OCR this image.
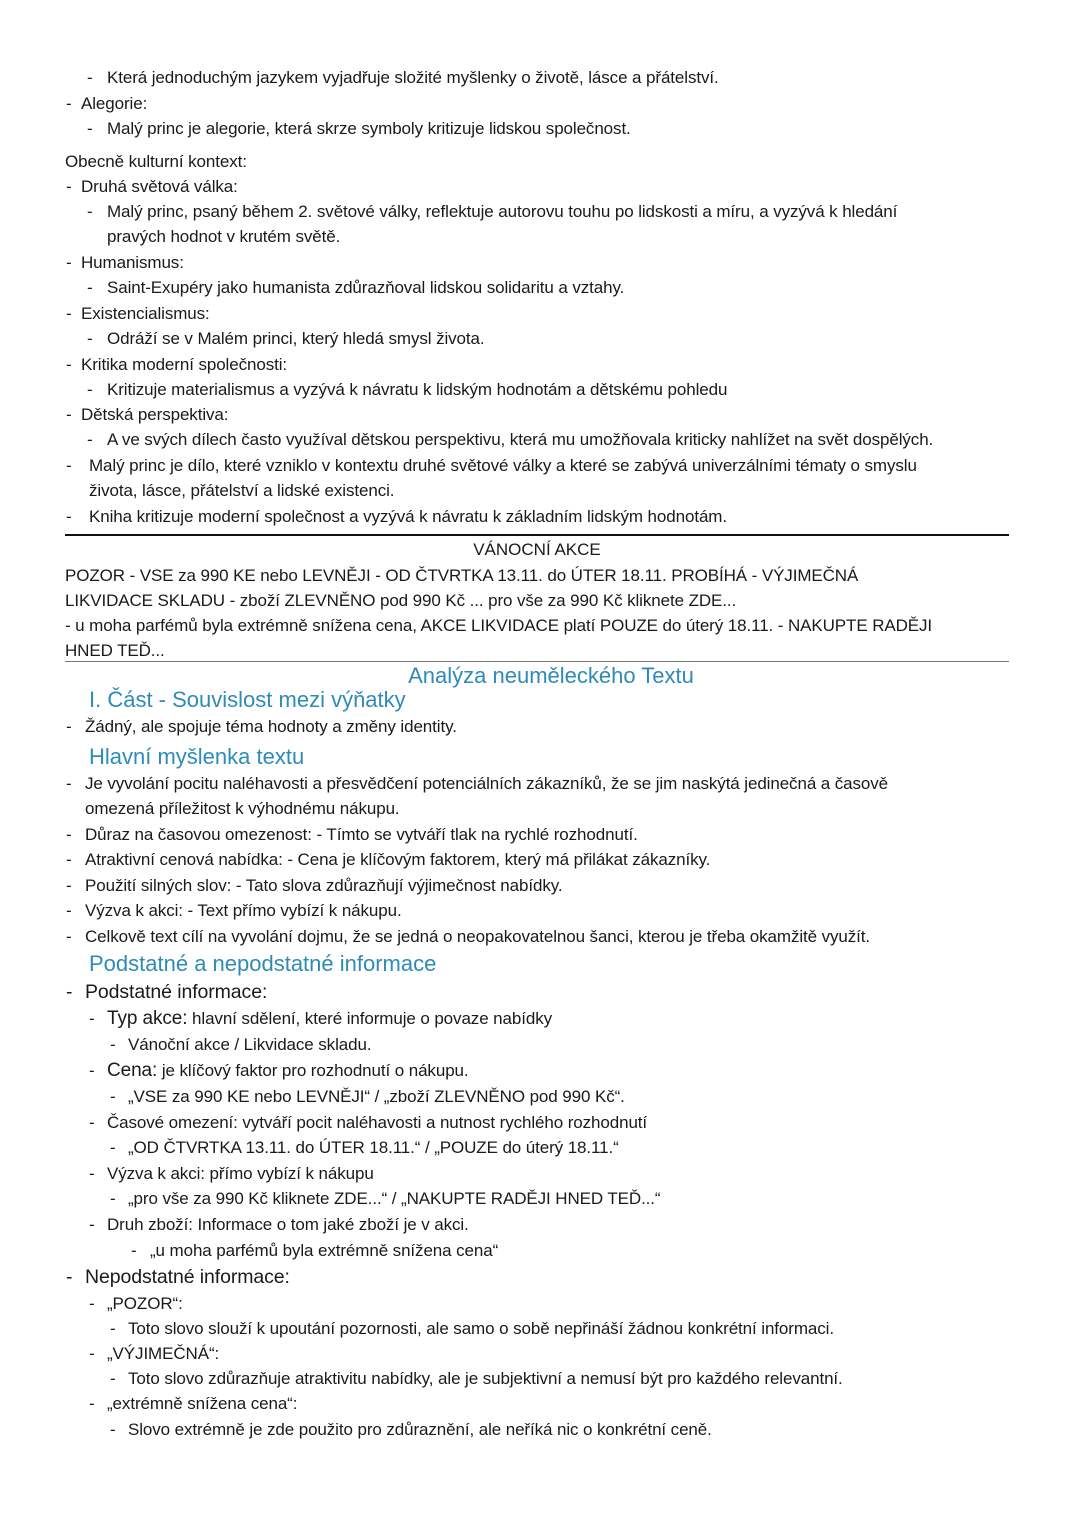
- Která jednoduchým jazykem vyjadřuje složité myšlenky o životě, lásce a přátelství.
- Alegorie:
- Malý princ je alegorie, která skrze symboly kritizuje lidskou společnost.
Obecně kulturní kontext:
- Druhá světová válka:
- Malý princ, psaný během 2. světové války, reflektuje autorovu touhu po lidskosti a míru, a vyzývá k hledání
pravých hodnot v krutém světě.
- Humanismus:
- Saint-Exupéry jako humanista zdůrazňoval lidskou solidaritu a vztahy.
- Existencialismus:
- Odráží se v Malém princi, který hledá smysl života.
- Kritika moderní společnosti:
- Kritizuje materialismus a vyzývá k návratu k lidským hodnotám a dětskému pohledu
- Dětská perspektiva:
- A ve svých dílech často využíval dětskou perspektivu, která mu umožňovala kriticky nahlížet na svět dospělých.
- Malý princ je dílo, které vzniklo v kontextu druhé světové války a které se zabývá univerzálními tématy o smyslu
života, lásce, přátelství a lidské existenci.
- Kniha kritizuje moderní společnost a vyzývá k návratu k základním lidským hodnotám.
VÁNOCNÍ AKCE
POZOR - VSE za 990 KE nebo LEVNĚJI - OD ČTVRTKA 13.11. do ÚTER 18.11. PROBÍHÁ - VÝJIMEČNÁ
LIKVIDACE SKLADU - zboží ZLEVNĚNO pod 990 Kč ... pro vše za 990 Kč kliknete ZDE...
- u moha parfémů byla extrémně snížena cena, AKCE LIKVIDACE platí POUZE do úterý 18.11. - NAKUPTE RADĚJI
HNED TEĎ...
Analýza neuměleckého Textu
I. Část - Souvislost mezi výňatky
- Žádný, ale spojuje téma hodnoty a změny identity.
Hlavní myšlenka textu
- Je vyvolání pocitu naléhavosti a přesvědčení potenciálních zákazníků, že se jim naskýtá jedinečná a časově
omezená příležitost k výhodnému nákupu.
- Důraz na časovou omezenost: - Tímto se vytváří tlak na rychlé rozhodnutí.
- Atraktivní cenová nabídka: - Cena je klíčovým faktorem, který má přilákat zákazníky.
- Použití silných slov: - Tato slova zdůrazňují výjimečnost nabídky.
- Výzva k akci: - Text přímo vybízí k nákupu.
- Celkově text cílí na vyvolání dojmu, že se jedná o neopakovatelnou šanci, kterou je třeba okamžitě využít.
Podstatné a nepodstatné informace
- Podstatné informace:
- Typ akce: hlavní sdělení, které informuje o povaze nabídky
- Vánoční akce / Likvidace skladu.
- Cena: je klíčový faktor pro rozhodnutí o nákupu.
- „VSE za 990 KE nebo LEVNĚJI“ / „zboží ZLEVNĚNO pod 990 Kč“.
- Časové omezení: vytváří pocit naléhavosti a nutnost rychlého rozhodnutí
- „OD ČTVRTKA 13.11. do ÚTER 18.11.“ / „POUZE do úterý 18.11.“
- Výzva k akci: přímo vybízí k nákupu
- „pro vše za 990 Kč kliknete ZDE...“ / „NAKUPTE RADĚJI HNED TEĎ...“
- Druh zboží: Informace o tom jaké zboží je v akci.
- „u moha parfémů byla extrémně snížena cena“
- Nepodstatné informace:
- „POZOR“:
- Toto slovo slouží k upoutání pozornosti, ale samo o sobě nepřináší žádnou konkrétní informaci.
- „VÝJIMEČNÁ“:
- Toto slovo zdůrazňuje atraktivitu nabídky, ale je subjektivní a nemusí být pro každého relevantní.
- „extrémně snížena cena“:
- Slovo extrémně je zde použito pro zdůraznění, ale neříká nic o konkrétní ceně.
